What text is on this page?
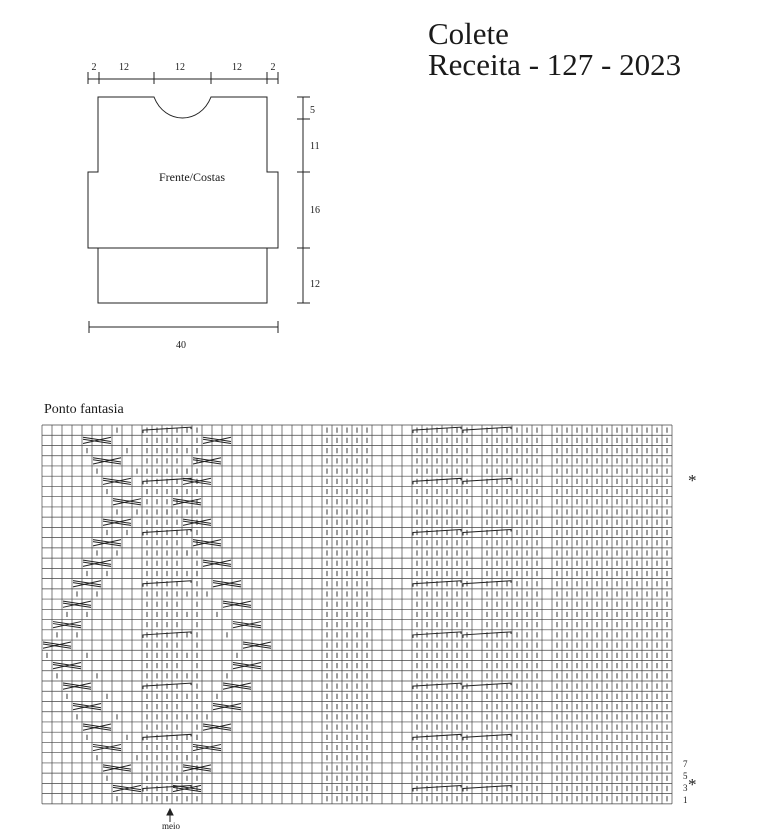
Colete
Receita - 127 - 2023
2 12	12	12	2
Frente/Costas
5
11
16
12
40
7
5
3
1
*
*
meio
Ponto fantasia
